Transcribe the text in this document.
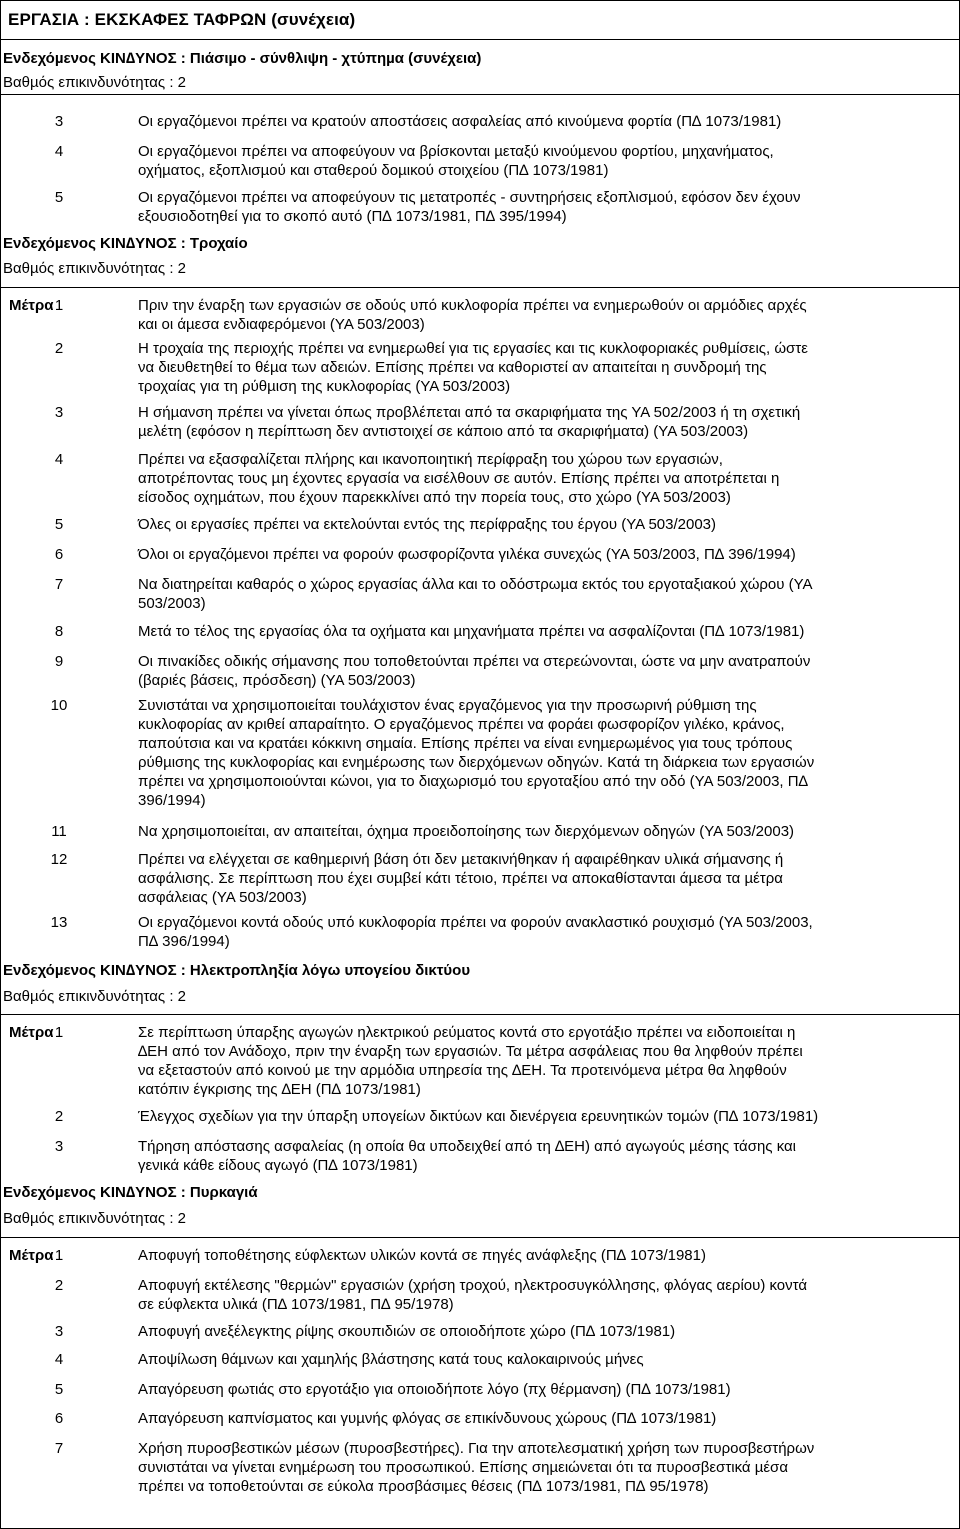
ΕΡΓΑΣΙΑ : ΕΚΣΚΑΦΕΣ ΤΑΦΡΩΝ (συνέχεια)
Ενδεχόµενος ΚΙΝ∆ΥΝΟΣ : Πιάσιµο - σύνθλιψη - χτύπηµα (συνέχεια)
Βαθµός επικινδυνότητας : 2
3	Οι εργαζόµενοι πρέπει να κρατούν αποστάσεις ασφαλείας από κινούµενα φορτία (Π∆ 1073/1981)
4	Οι εργαζόµενοι πρέπει να αποφεύγουν να βρίσκονται µεταξύ κινούµενου φορτίου, µηχανήµατος,
οχήµατος, εξοπλισµού και σταθερού δοµικού στοιχείου (Π∆ 1073/1981)
5	Οι εργαζόµενοι πρέπει να αποφεύγουν τις µετατροπές - συντηρήσεις εξοπλισµού, εφόσον δεν έχουν
εξουσιοδοτηθεί για το σκοπό αυτό (Π∆ 1073/1981, Π∆ 395/1994)
Ενδεχόµενος ΚΙΝ∆ΥΝΟΣ : Τροχαίο
Βαθµός επικινδυνότητας : 2
Μέτρα 1	Πριν την έναρξη των εργασιών σε οδούς υπό κυκλοφορία πρέπει να ενηµερωθούν οι αρµόδιες αρχές
και οι άµεσα ενδιαφερόµενοι (ΥΑ 503/2003)
2	Η τροχαία της περιοχής πρέπει να ενηµερωθεί για τις εργασίες και τις κυκλοφοριακές ρυθµίσεις, ώστε
να διευθετηθεί το θέµα των αδειών. Επίσης πρέπει να καθοριστεί αν απαιτείται η συνδροµή της
τροχαίας για τη ρύθµιση της κυκλοφορίας (ΥΑ 503/2003)
3	Η σήµανση πρέπει να γίνεται όπως προβλέπεται από τα σκαριφήµατα της ΥΑ 502/2003 ή τη σχετική
µελέτη (εφόσον η περίπτωση δεν αντιστοιχεί σε κάποιο από τα σκαριφήµατα) (ΥΑ 503/2003)
4	Πρέπει να εξασφαλίζεται πλήρης και ικανοποιητική περίφραξη του χώρου των εργασιών,
αποτρέποντας τους µη έχοντες εργασία να εισέλθουν σε αυτόν. Επίσης πρέπει να αποτρέπεται η
είσοδος οχηµάτων, που έχουν παρεκκλίνει από την πορεία τους, στο χώρο (ΥΑ 503/2003)
5	Όλες οι εργασίες πρέπει να εκτελούνται εντός της περίφραξης του έργου (ΥΑ 503/2003)
6	Όλοι οι εργαζόµενοι πρέπει να φορούν φωσφορίζοντα γιλέκα συνεχώς (ΥΑ 503/2003, Π∆ 396/1994)
7	Να διατηρείται καθαρός ο χώρος εργασίας άλλα και το οδόστρωµα εκτός του εργοταξιακού χώρου (ΥΑ
503/2003)
8	Μετά το τέλος της εργασίας όλα τα οχήµατα και µηχανήµατα πρέπει να ασφαλίζονται (Π∆ 1073/1981)
9	Οι πινακίδες οδικής σήµανσης που τοποθετούνται πρέπει να στερεώνονται, ώστε να µην ανατραπούν
(βαριές βάσεις, πρόσδεση) (ΥΑ 503/2003)
10	Συνιστάται να χρησιµοποιείται τουλάχιστον ένας εργαζόµενος για την προσωρινή ρύθµιση της
κυκλοφορίας αν κριθεί απαραίτητο. Ο εργαζόµενος πρέπει να φοράει φωσφορίζον γιλέκο, κράνος,
παπούτσια και να κρατάει κόκκινη σηµαία. Επίσης πρέπει να είναι ενηµερωµένος για τους τρόπους
ρύθµισης της κυκλοφορίας και ενηµέρωσης των διερχόµενων οδηγών. Κατά τη διάρκεια των εργασιών
πρέπει να χρησιµοποιούνται κώνοι, για το διαχωρισµό του εργοταξίου από την οδό (ΥΑ 503/2003, Π∆
396/1994)
11	Να χρησιµοποιείται, αν απαιτείται, όχηµα προειδοποίησης των διερχόµενων οδηγών (ΥΑ 503/2003)
12	Πρέπει να ελέγχεται σε καθηµερινή βάση ότι δεν µετακινήθηκαν ή αφαιρέθηκαν υλικά σήµανσης ή
ασφάλισης. Σε περίπτωση που έχει συµβεί κάτι τέτοιο, πρέπει να αποκαθίστανται άµεσα τα µέτρα
ασφάλειας (ΥΑ 503/2003)
13	Οι εργαζόµενοι κοντά οδούς υπό κυκλοφορία πρέπει να φορούν ανακλαστικό ρουχισµό (ΥΑ 503/2003,
Π∆ 396/1994)
Ενδεχόµενος ΚΙΝ∆ΥΝΟΣ : Ηλεκτροπληξία λόγω υπογείου δικτύου
Βαθµός επικινδυνότητας : 2
Μέτρα 1	Σε περίπτωση ύπαρξης αγωγών ηλεκτρικού ρεύµατος κοντά στο εργοτάξιο πρέπει να ειδοποιείται η
∆ΕΗ από τον Ανάδοχο, πριν την έναρξη των εργασιών. Τα µέτρα ασφάλειας που θα ληφθούν πρέπει
να εξεταστούν από κοινού µε την αρµόδια υπηρεσία της ∆ΕΗ. Τα προτεινόµενα µέτρα θα ληφθούν
κατόπιν έγκρισης της ∆ΕΗ (Π∆ 1073/1981)
2	Έλεγχος σχεδίων για την ύπαρξη υπογείων δικτύων και διενέργεια ερευνητικών τοµών (Π∆ 1073/1981)
3	Τήρηση απόστασης ασφαλείας (η οποία θα υποδειχθεί από τη ∆ΕΗ) από αγωγούς µέσης τάσης και
γενικά κάθε είδους αγωγό (Π∆ 1073/1981)
Ενδεχόµενος ΚΙΝ∆ΥΝΟΣ : Πυρκαγιά
Βαθµός επικινδυνότητας : 2
Μέτρα 1	Αποφυγή τοποθέτησης εύφλεκτων υλικών κοντά σε πηγές ανάφλεξης (Π∆ 1073/1981)
2	Αποφυγή εκτέλεσης "θερµών" εργασιών (χρήση τροχού, ηλεκτροσυγκόλλησης, φλόγας αερίου) κοντά
σε εύφλεκτα υλικά (Π∆ 1073/1981, Π∆ 95/1978)
3	Αποφυγή ανεξέλεγκτης ρίψης σκουπιδιών σε οποιοδήποτε χώρο (Π∆ 1073/1981)
4	Αποψίλωση θάµνων και χαµηλής βλάστησης κατά τους καλοκαιρινούς µήνες
5	Απαγόρευση φωτιάς στο εργοτάξιο για οποιοδήποτε λόγο (πχ θέρµανση) (Π∆ 1073/1981)
6	Απαγόρευση καπνίσµατος και γυµνής φλόγας σε επικίνδυνους χώρους (Π∆ 1073/1981)
7	Χρήση πυροσβεστικών µέσων (πυροσβεστήρες). Για την αποτελεσµατική χρήση των πυροσβεστήρων
συνιστάται να γίνεται ενηµέρωση του προσωπικού. Επίσης σηµειώνεται ότι τα πυροσβεστικά µέσα
πρέπει να τοποθετούνται σε εύκολα προσβάσιµες θέσεις (Π∆ 1073/1981, Π∆ 95/1978)
